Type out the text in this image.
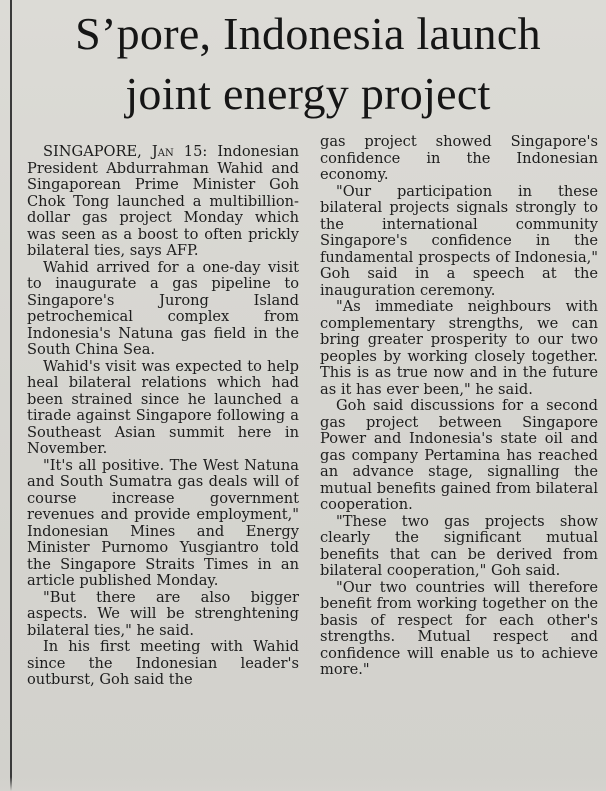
S’pore, Indonesia launch
joint energy project

SINGAPORE, Jan 15: Indonesian President Abdurrahman Wahid and Singaporean Prime Minister Goh Chok Tong launched a multibillion-dollar gas project Monday which was seen as a boost to often prickly bilateral ties, says AFP.

Wahid arrived for a one-day visit to inaugurate a gas pipeline to Singapore's Jurong Island petrochemical complex from Indonesia's Natuna gas field in the South China Sea.

Wahid's visit was expected to help heal bilateral relations which had been strained since he launched a tirade against Singapore following a Southeast Asian summit here in November.

"It's all positive. The West Natuna and South Sumatra gas deals will of course increase government revenues and provide employment," Indonesian Mines and Energy Minister Purnomo Yusgiantro told the Singapore Straits Times in an article published Monday.

"But there are also bigger aspects. We will be strenghtening bilateral ties," he said.

In his first meeting with Wahid since the Indonesian leader's outburst, Goh said the

gas project showed Singapore's confidence in the Indonesian economy.

"Our participation in these bilateral projects signals strongly to the international community Singapore's confidence in the fundamental prospects of Indonesia," Goh said in a speech at the inauguration ceremony.

"As immediate neighbours with complementary strengths, we can bring greater prosperity to our two peoples by working closely together. This is as true now and in the future as it has ever been," he said.

Goh said discussions for a second gas project between Singapore Power and Indonesia's state oil and gas company Pertamina has reached an advance stage, signalling the mutual benefits gained from bilateral cooperation.

"These two gas projects show clearly the significant mutual benefits that can be derived from bilateral cooperation," Goh said.

"Our two countries will therefore benefit from working together on the basis of respect for each other's strengths. Mutual respect and confidence will enable us to achieve more."
